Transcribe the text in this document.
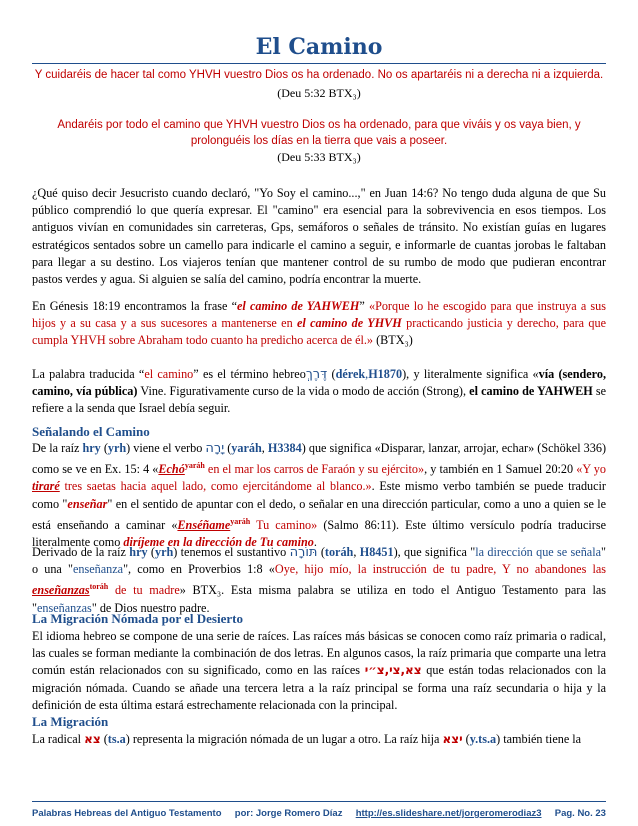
El Camino
Y cuidaréis de hacer tal como YHVH vuestro Dios os ha ordenado. No os apartaréis ni a derecha ni a izquierda.
(Deu 5:32 BTX₃)
Andaréis por todo el camino que YHVH vuestro Dios os ha ordenado, para que viváis y os vaya bien, y
prolonguéis los días en la tierra que vais a poseer.
(Deu 5:33 BTX₃)
¿Qué quiso decir Jesucristo cuando declaró, "Yo Soy el camino...," en Juan 14:6? No tengo duda alguna de que Su público comprendió lo que quería expresar. El "camino" era esencial para la sobrevivencia en esos tiempos. Los antiguos vivían en comunidades sin carreteras, Gps, semáforos o señales de tránsito. No existían guías en lugares estratégicos sentados sobre un camello para indicarle el camino a seguir, e informarle de cuantas jorobas le faltaban para llegar a su destino. Los viajeros tenían que mantener control de su rumbo de modo que pudieran encontrar pastos verdes y agua. Si alguien se salía del camino, podría encontrar la muerte.
En Génesis 18:19 encontramos la frase “el camino de YAHWEH” «Porque lo he escogido para que instruya a sus hijos y a su casa y a sus sucesores a mantenerse en el camino de YHVH practicando justicia y derecho, para que cumpla YHVH sobre Abraham todo cuanto ha predicho acerca de él.» (BTX₃)
La palabra traducida “el camino” es el término hebreoדֶּרֶךְ (dérek,H1870), y literalmente significa «vía (sendero, camino, vía pública) Vine. Figurativamente curso de la vida o modo de acción (Strong), el camino de YAHWEH se refiere a la senda que Israel debía seguir.
Señalando el Camino
De la raíz hry (yrh) viene el verbo יָרָה (yaráh, H3384) que significa «Disparar, lanzar, arrojar, echar» (Schökel 336) como se ve en Ex. 15: 4 «Echó$^{yaráh}$ en el mar los carros de Faraón y su ejército», y también en 1 Samuel 20:20 «Y yo tiraré tres saetas hacia aquel lado, como ejercitándome al blanco.». Este mismo verbo también se puede traducir como "enseñar" en el sentido de apuntar con el dedo, o señalar en una dirección particular, como a uno a quien se le está enseñando a caminar «Enséñame$^{yaráh}$ Tu camino» (Salmo 86:11). Este último versículo podría traducirse literalmente como diríjeme en la dirección de Tu camino.
Derivado de la raíz hry (yrh) tenemos el sustantivo תּוֹרָה (toráh, H8451), que significa "la dirección que se señala" o una "enseñanza", como en Proverbios 1:8 «Oye, hijo mío, la instrucción de tu padre, Y no abandones las enseñanzas$^{toráh}$ de tu madre» BTX₃. Esta misma palabra se utiliza en todo el Antiguo Testamento para las "enseñanzas" de Dios nuestro padre.
La Migración Nómada por el Desierto
El idioma hebreo se compone de una serie de raíces. Las raíces más básicas se conocen como raíz primaria o radical, las cuales se forman mediante la combinación de dos letras. En algunos casos, la raíz primaria que comparte una letra común están relacionados con su significado, como en las raíces צא,צי,צ״י que están todas relacionados con la migración nómada. Cuando se añade una tercera letra a la raíz principal se forma una raíz secundaria o hija y la definición de esta última estará estrechamente relacionada con la principal.
La Migración
La radical צא (ts.a) representa la migración nómada de un lugar a otro. La raíz hija יצא (y.ts.a) también tiene la
Palabras Hebreas del Antiguo Testamento por: Jorge Romero Díaz http://es.slideshare.net/jorgeromerodiaz3 Pag. No. 23
